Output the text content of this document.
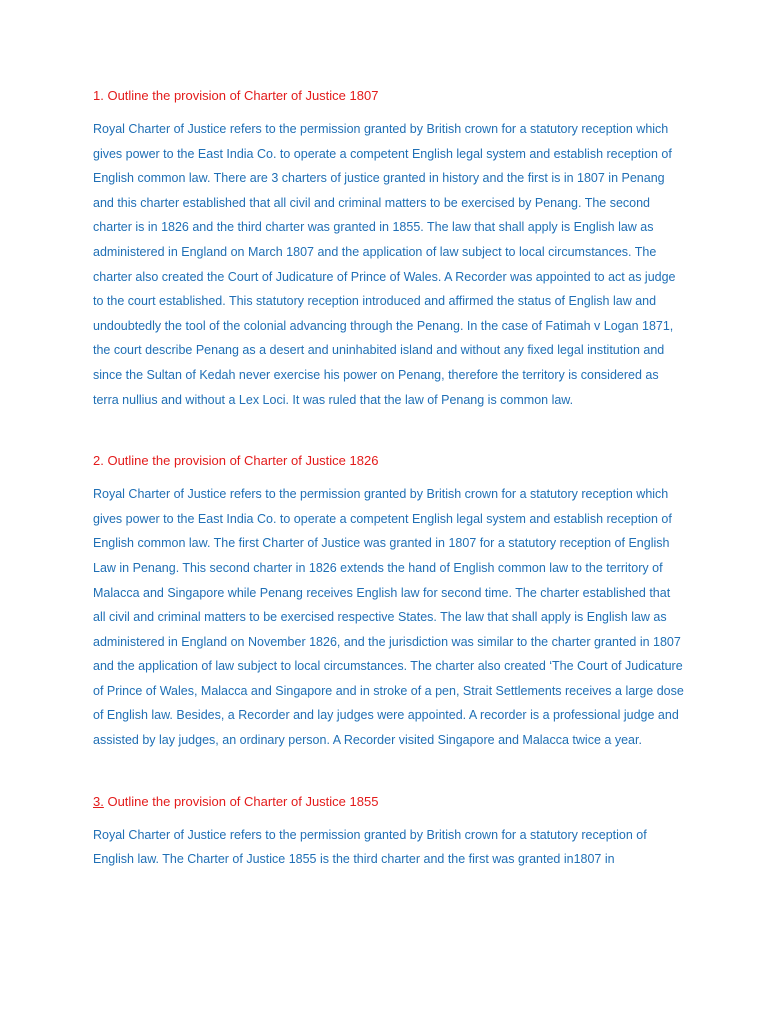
1. Outline the provision of Charter of Justice 1807

Royal Charter of Justice refers to the permission granted by British crown for a statutory reception which gives power to the East India Co. to operate a competent English legal system and establish reception of English common law. There are 3 charters of justice granted in history and the first is in 1807 in Penang and this charter established that all civil and criminal matters to be exercised by Penang. The second charter is in 1826 and the third charter was granted in 1855. The law that shall apply is English law as administered in England on March 1807 and the application of law subject to local circumstances. The charter also created the Court of Judicature of Prince of Wales. A Recorder was appointed to act as judge to the court established. This statutory reception introduced and affirmed the status of English law and undoubtedly the tool of the colonial advancing through the Penang. In the case of Fatimah v Logan 1871, the court describe Penang as a desert and uninhabited island and without any fixed legal institution and since the Sultan of Kedah never exercise his power on Penang, therefore the territory is considered as terra nullius and without a Lex Loci. It was ruled that the law of Penang is common law.

2. Outline the provision of Charter of Justice 1826

Royal Charter of Justice refers to the permission granted by British crown for a statutory reception which gives power to the East India Co. to operate a competent English legal system and establish reception of English common law. The first Charter of Justice was granted in 1807 for a statutory reception of English Law in Penang. This second charter in 1826 extends the hand of English common law to the territory of Malacca and Singapore while Penang receives English law for second time. The charter established that all civil and criminal matters to be exercised respective States. The law that shall apply is English law as administered in England on November 1826, and the jurisdiction was similar to the charter granted in 1807 and the application of law subject to local circumstances. The charter also created ‘The Court of Judicature of Prince of Wales, Malacca and Singapore and in stroke of a pen, Strait Settlements receives a large dose of English law. Besides, a Recorder and lay judges were appointed. A recorder is a professional judge and assisted by lay judges, an ordinary person. A Recorder visited Singapore and Malacca twice a year.

3. Outline the provision of Charter of Justice 1855

Royal Charter of Justice refers to the permission granted by British crown for a statutory reception of English law. The Charter of Justice 1855 is the third charter and the first was granted in1807 in
